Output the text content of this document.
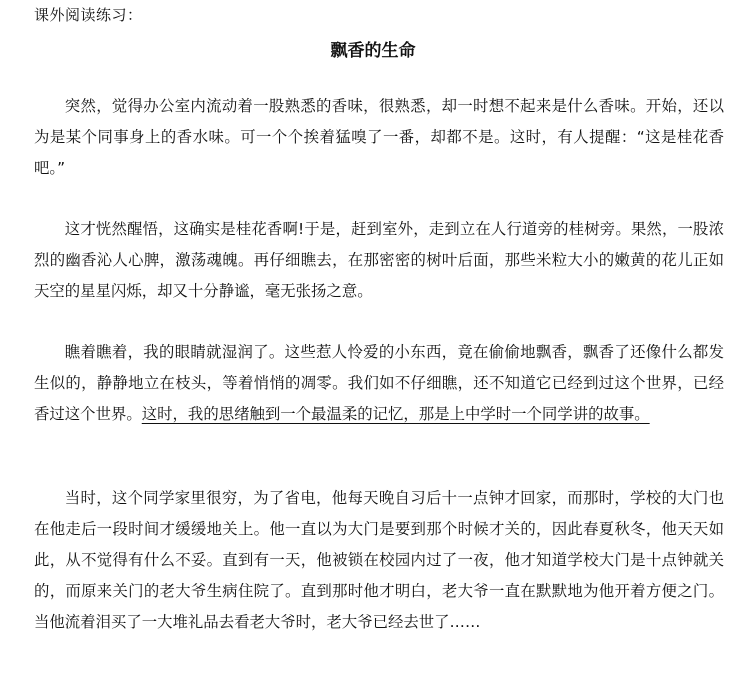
课外阅读练习：
飘香的生命

突然，觉得办公室内流动着一股熟悉的香味，很熟悉，却一时想不起来是什么香味。开始，还以为是某个同事身上的香水味。可一个个挨着猛嗅了一番，却都不是。这时，有人提醒：“这是桂花香吧。”

这才恍然醒悟，这确实是桂花香啊!于是，赶到室外，走到立在人行道旁的桂树旁。果然，一股浓烈的幽香沁人心脾，激荡魂魄。再仔细瞧去，在那密密的树叶后面，那些米粒大小的嫩黄的花儿正如天空的星星闪烁，却又十分静谧，毫无张扬之意。

瞧着瞧着，我的眼睛就湿润了。这些惹人怜爱的小东西，竟在偷偷地飘香，飘香了还像什么都发生似的，静静地立在枝头，等着悄悄的凋零。我们如不仔细瞧，还不知道它已经到过这个世界，已经香过这个世界。这时，我的思绪触到一个最温柔的记忆，那是上中学时一个同学讲的故事。

当时，这个同学家里很穷，为了省电，他每天晚自习后十一点钟才回家，而那时，学校的大门也在他走后一段时间才缓缓地关上。他一直以为大门是要到那个时候才关的，因此春夏秋冬，他天天如此，从不觉得有什么不妥。直到有一天，他被锁在校园内过了一夜，他才知道学校大门是十点钟就关的，而原来关门的老大爷生病住院了。直到那时他才明白，老大爷一直在默默地为他开着方便之门。当他流着泪买了一大堆礼品去看老大爷时，老大爷已经去世了……
